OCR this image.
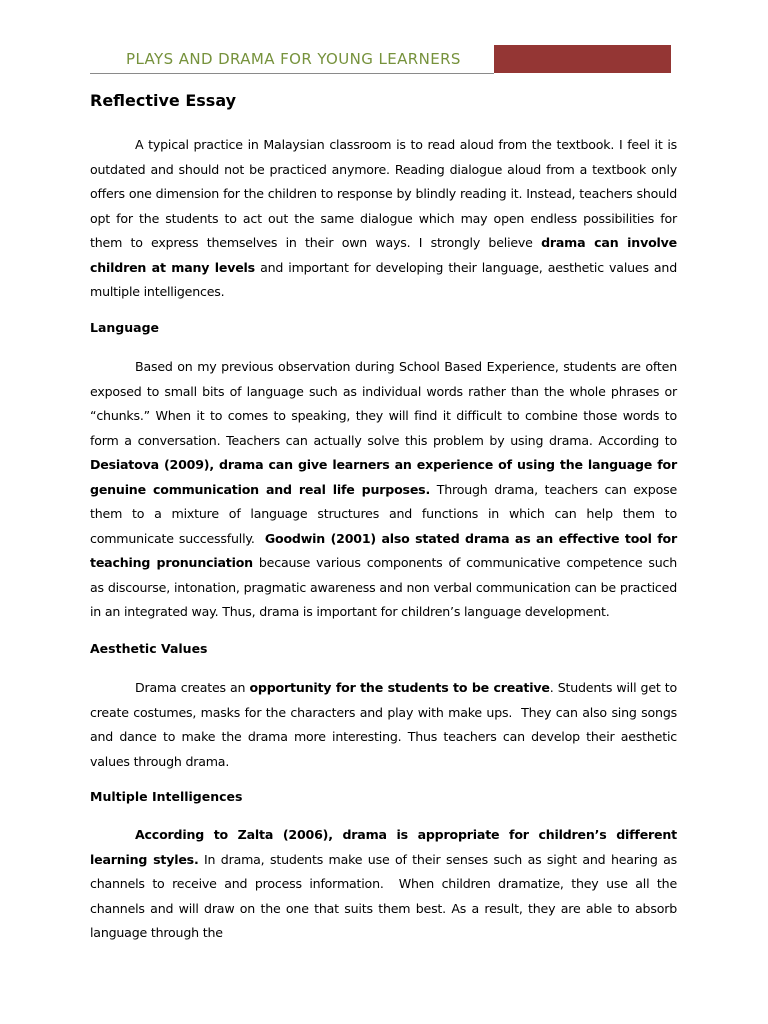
PLAYS AND DRAMA FOR YOUNG LEARNERS
Reflective Essay

A typical practice in Malaysian classroom is to read aloud from the textbook. I feel it is outdated and should not be practiced anymore. Reading dialogue aloud from a textbook only offers one dimension for the children to response by blindly reading it. Instead, teachers should opt for the students to act out the same dialogue which may open endless possibilities for them to express themselves in their own ways. I strongly believe drama can involve children at many levels and important for developing their language, aesthetic values and multiple intelligences.

Language

Based on my previous observation during School Based Experience, students are often exposed to small bits of language such as individual words rather than the whole phrases or “chunks.” When it to comes to speaking, they will find it difficult to combine those words to form a conversation. Teachers can actually solve this problem by using drama. According to Desiatova (2009), drama can give learners an experience of using the language for genuine communication and real life purposes. Through drama, teachers can expose them to a mixture of language structures and functions in which can help them to communicate successfully.  Goodwin (2001) also stated drama as an effective tool for teaching pronunciation because various components of communicative competence such as discourse, intonation, pragmatic awareness and non verbal communication can be practiced in an integrated way. Thus, drama is important for children’s language development.

Aesthetic Values

Drama creates an opportunity for the students to be creative. Students will get to create costumes, masks for the characters and play with make ups.  They can also sing songs and dance to make the drama more interesting. Thus teachers can develop their aesthetic values through drama.

Multiple Intelligences

According to Zalta (2006), drama is appropriate for children’s different learning styles. In drama, students make use of their senses such as sight and hearing as channels to receive and process information.  When children dramatize, they use all the channels and will draw on the one that suits them best. As a result, they are able to absorb language through the
